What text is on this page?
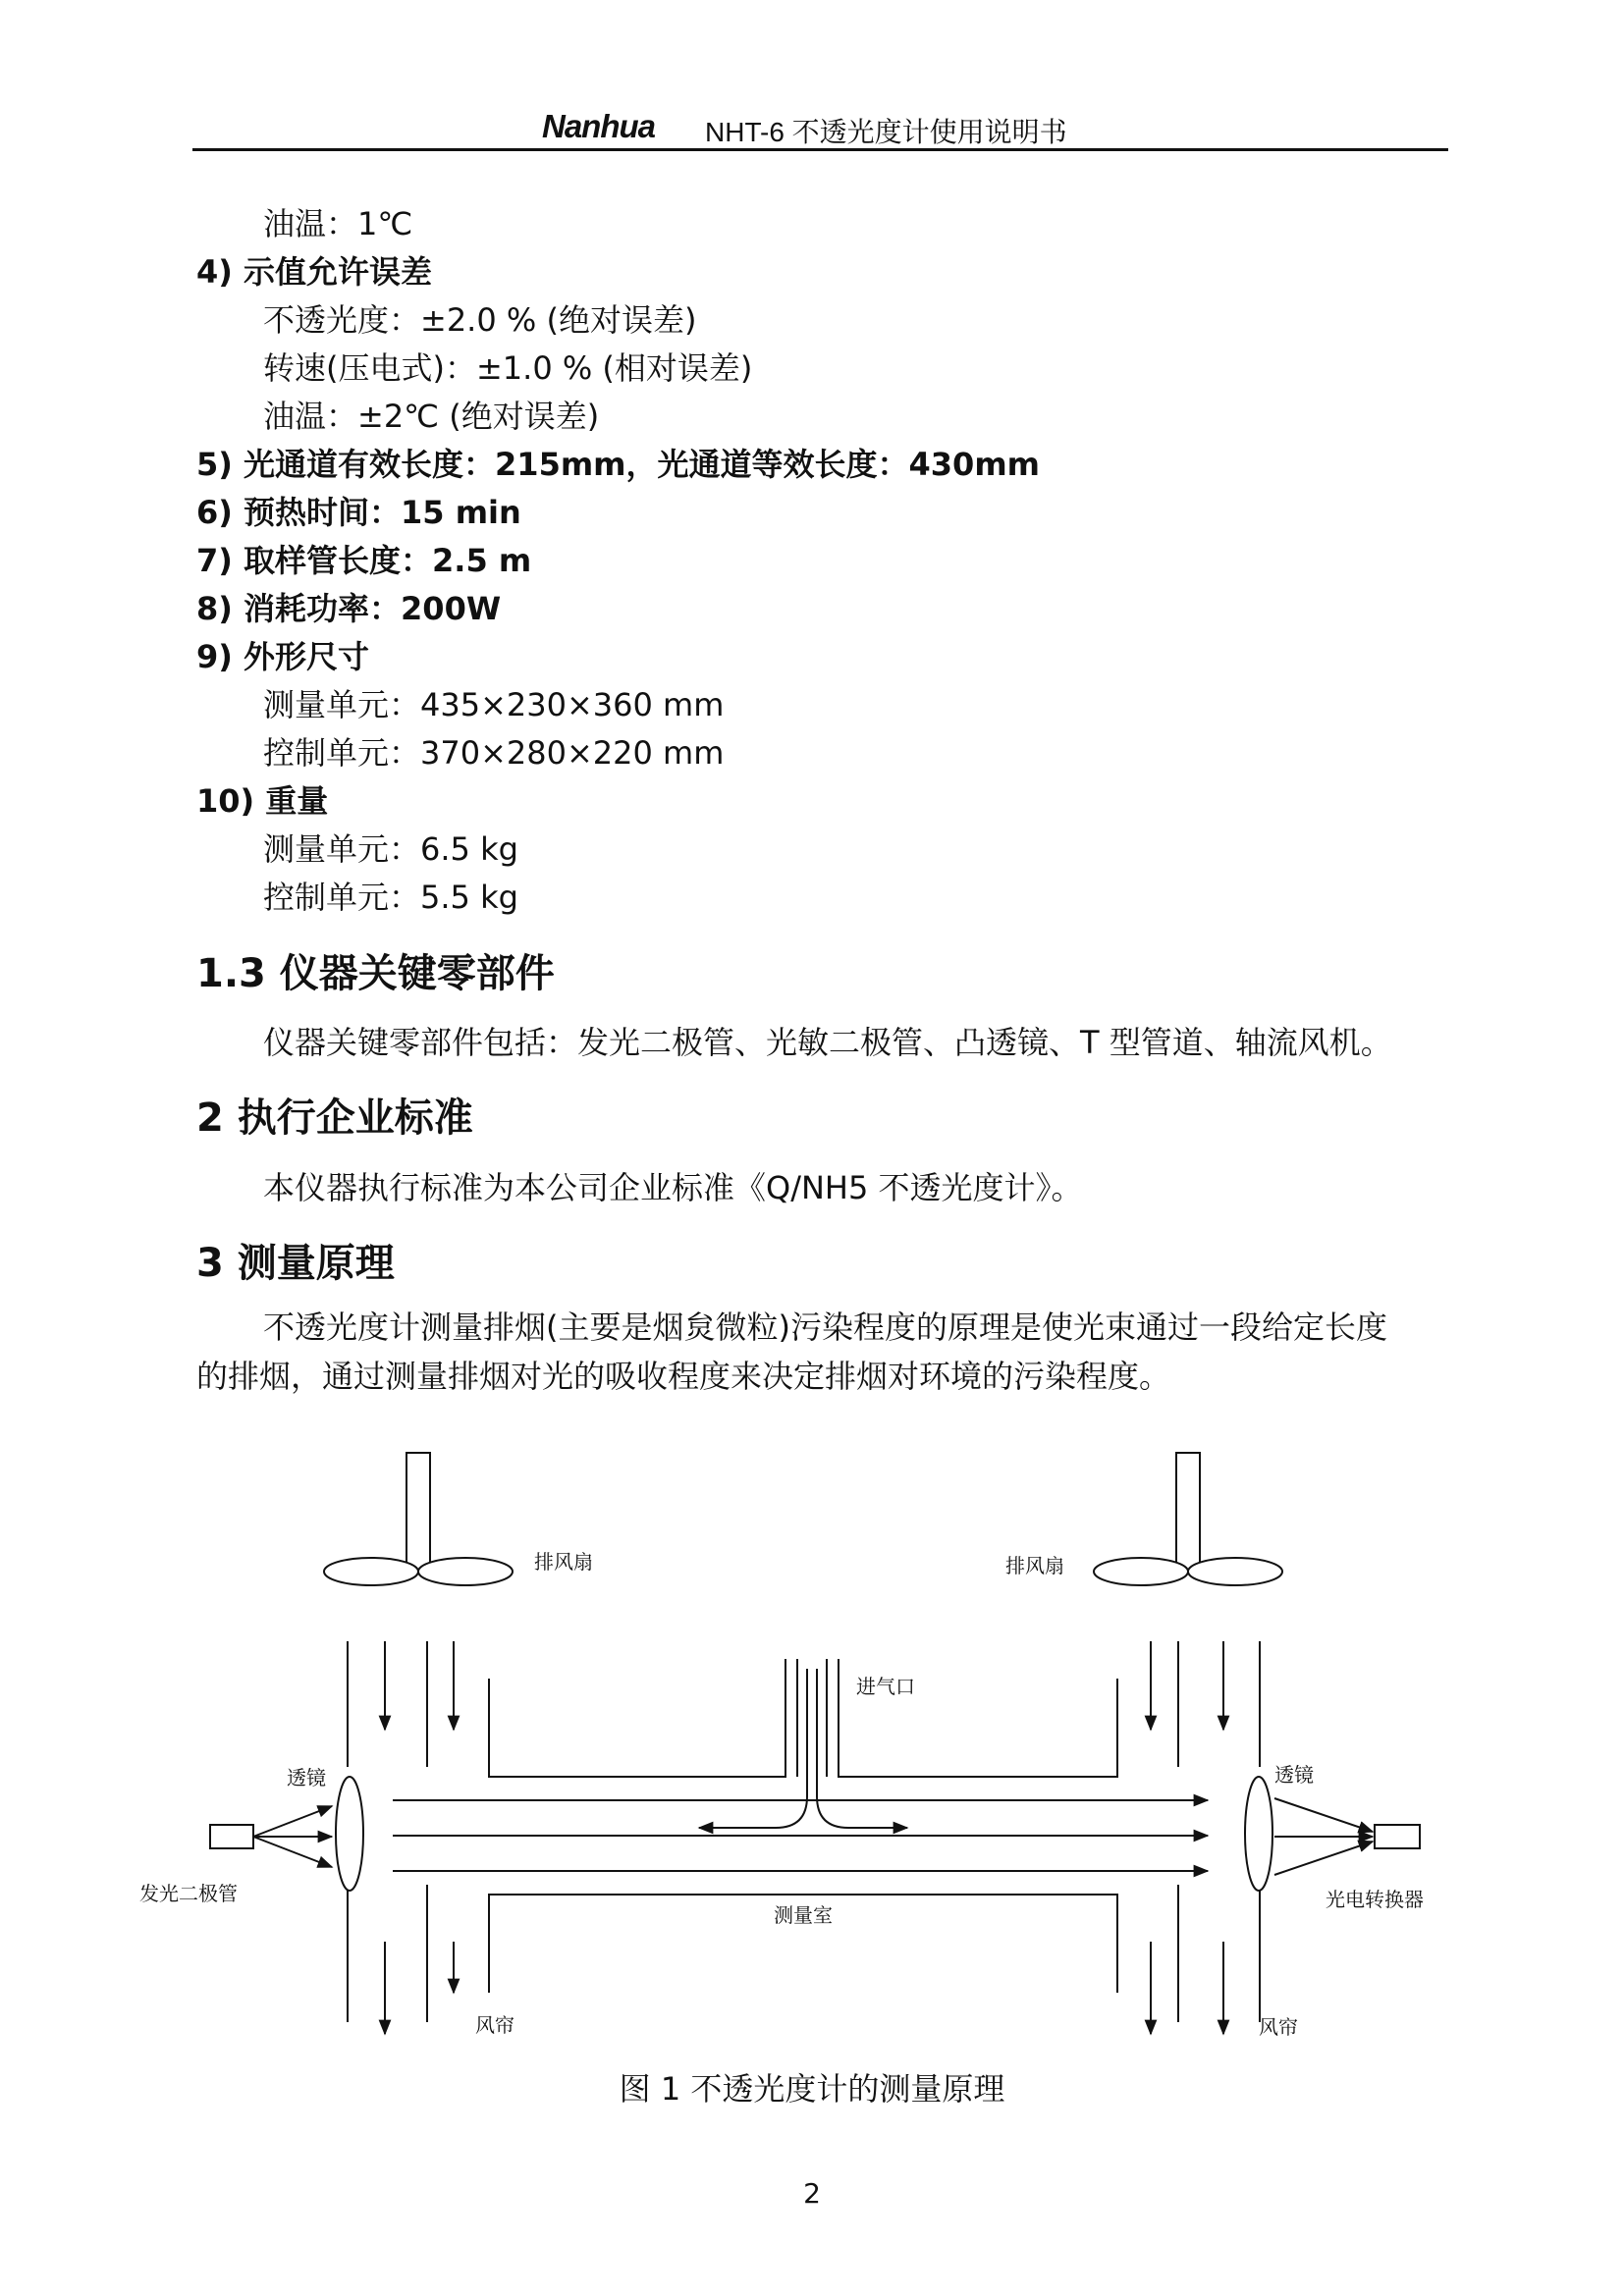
Nanhua NHT-6 不透光度计使用说明书
油温：1℃
4) 示值允许误差
不透光度：±2.0 % (绝对误差)
转速(压电式)：±1.0 % (相对误差)
油温：±2℃ (绝对误差)
5) 光通道有效长度：215mm，光通道等效长度：430mm
6) 预热时间：15 min
7) 取样管长度：2.5 m
8) 消耗功率：200W
9) 外形尺寸
测量单元：435×230×360 mm
控制单元：370×280×220 mm
10) 重量
测量单元：6.5 kg
控制单元：5.5 kg
1.3 仪器关键零部件
仪器关键零部件包括：发光二极管、光敏二极管、凸透镜、T 型管道、轴流风机。
2 执行企业标准
本仪器执行标准为本公司企业标准《Q/NH5 不透光度计》。
3 测量原理

不透光度计测量排烟(主要是烟炱微粒)污染程度的原理是使光束通过一段给定长度

的排烟，通过测量排烟对光的吸收程度来决定排烟对环境的污染程度。

排风扇	排风扇
进气口
透镜	透镜
发光二极管	光电转换器
测量室
风帘	风帘
图 1 不透光度计的测量原理
2
